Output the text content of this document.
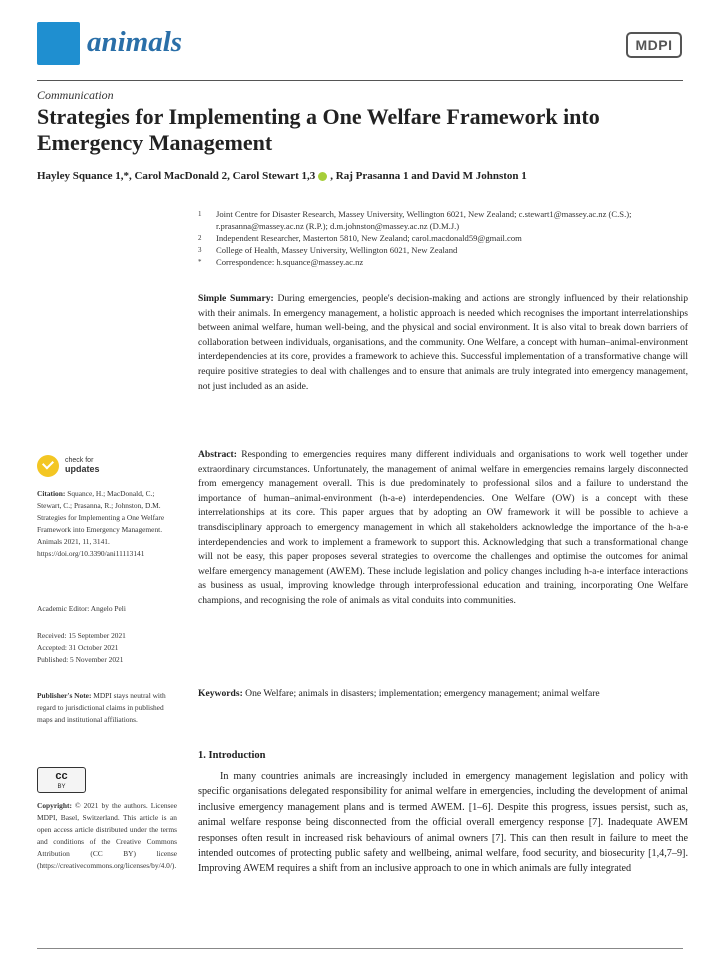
animals	MDPI
Communication
Strategies for Implementing a One Welfare Framework into Emergency Management
Hayley Squance 1,*, Carol MacDonald 2, Carol Stewart 1,3 , Raj Prasanna 1 and David M Johnston 1
1	Joint Centre for Disaster Research, Massey University, Wellington 6021, New Zealand; c.stewart1@massey.ac.nz (C.S.); r.prasanna@massey.ac.nz (R.P.); d.m.johnston@massey.ac.nz (D.M.J.)
2	Independent Researcher, Masterton 5810, New Zealand; carol.macdonald59@gmail.com
3	College of Health, Massey University, Wellington 6021, New Zealand
*	Correspondence: h.squance@massey.ac.nz
Simple Summary: During emergencies, people's decision-making and actions are strongly influenced by their relationship with their animals. In emergency management, a holistic approach is needed which recognises the important interrelationships between animal welfare, human well-being, and the physical and social environment. It is also vital to break down barriers of collaboration between individuals, organisations, and the community. One Welfare, a concept with human–animal-environment interdependencies at its core, provides a framework to achieve this. Successful implementation of a transformative change will require positive strategies to deal with challenges and to ensure that animals are truly integrated into emergency management, not just included as an aside.
Abstract: Responding to emergencies requires many different individuals and organisations to work well together under extraordinary circumstances. Unfortunately, the management of animal welfare in emergencies remains largely disconnected from emergency management overall. This is due predominately to professional silos and a failure to understand the importance of human–animal-environment (h-a-e) interdependencies. One Welfare (OW) is a concept with these interrelationships at its core. This paper argues that by adopting an OW framework it will be possible to achieve a transdisciplinary approach to emergency management in which all stakeholders acknowledge the importance of the h-a-e interdependencies and work to implement a framework to support this. Acknowledging that such a transformational change will not be easy, this paper proposes several strategies to overcome the challenges and optimise the outcomes for animal welfare emergency management (AWEM). These include legislation and policy changes including h-a-e interface interactions as business as usual, improving knowledge through interprofessional education and training, incorporating One Welfare champions, and recognising the role of animals as vital conduits into communities.
Keywords: One Welfare; animals in disasters; implementation; emergency management; animal welfare
1. Introduction

In many countries animals are increasingly included in emergency management legislation and policy with specific organisations delegated responsibility for animal welfare in emergencies, including the development of animal inclusive emergency management plans and is termed AWEM. [1–6]. Despite this progress, issues persist, such as, animal welfare response being disconnected from the official overall emergency response [7]. Inadequate AWEM responses often result in increased risk behaviours of animal owners [7]. This can then result in failure to meet the intended outcomes of protecting public safety and wellbeing, animal welfare, food security, and biosecurity [1,4,7–9]. Improving AWEM requires a shift from an inclusive approach to one in which animals are fully integrated

check for
updates
Citation: Squance, H.; MacDonald, C.; Stewart, C.; Prasanna, R.; Johnston, D.M. Strategies for Implementing a One Welfare Framework into Emergency Management. Animals 2021, 11, 3141. https://doi.org/10.3390/ani11113141
Academic Editor: Angelo Peli
Received: 15 September 2021
Accepted: 31 October 2021
Published: 5 November 2021
Publisher's Note: MDPI stays neutral with regard to jurisdictional claims in published maps and institutional affiliations.
cc
BY
Copyright: © 2021 by the authors. Licensee MDPI, Basel, Switzerland. This article is an open access article distributed under the terms and conditions of the Creative Commons Attribution (CC BY) license (https://creativecommons.org/licenses/by/4.0/).
